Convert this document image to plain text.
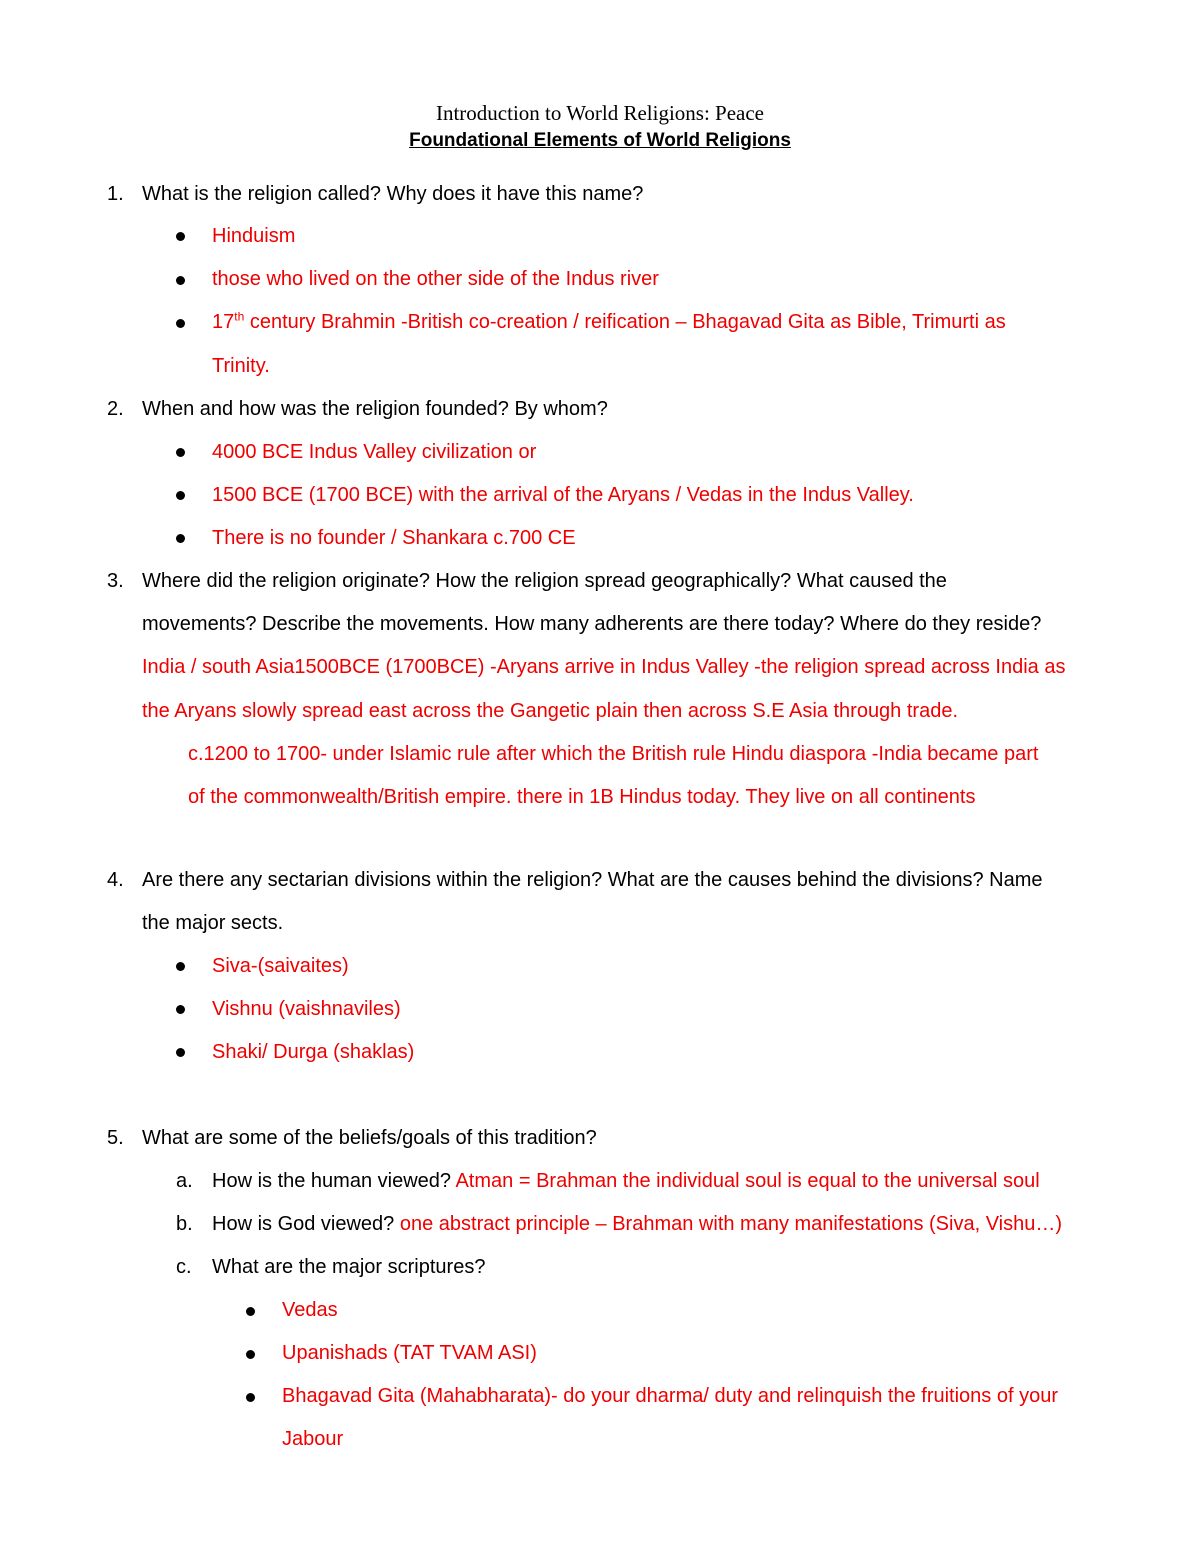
Introduction to World Religions: Peace
Foundational Elements of World Religions
1. What is the religion called? Why does it have this name?
Hinduism
those who lived on the other side of the Indus river
17th century Brahmin -British co-creation / reification – Bhagavad Gita as Bible, Trimurti as
Trinity.
2. When and how was the religion founded? By whom?
4000 BCE Indus Valley civilization or
1500 BCE (1700 BCE) with the arrival of the Aryans / Vedas in the Indus Valley.
There is no founder / Shankara c.700 CE
3. Where did the religion originate? How the religion spread geographically? What caused the
movements? Describe the movements. How many adherents are there today? Where do they reside?
India / south Asia1500BCE (1700BCE) -Aryans arrive in Indus Valley -the religion spread across India as
the Aryans slowly spread east across the Gangetic plain then across S.E Asia through trade.
c.1200 to 1700- under Islamic rule after which the British rule Hindu diaspora -India became part
of the commonwealth/British empire. there in 1B Hindus today. They live on all continents
4. Are there any sectarian divisions within the religion? What are the causes behind the divisions? Name
the major sects.
Siva-(saivaites)
Vishnu (vaishnaviles)
Shaki/ Durga (shaklas)
5. What are some of the beliefs/goals of this tradition?
a. How is the human viewed? Atman = Brahman the individual soul is equal to the universal soul
b. How is God viewed? one abstract principle – Brahman with many manifestations (Siva, Vishu…)
c. What are the major scriptures?
Vedas
Upanishads (TAT TVAM ASI)
Bhagavad Gita (Mahabharata)- do your dharma/ duty and relinquish the fruitions of your
Jabour
